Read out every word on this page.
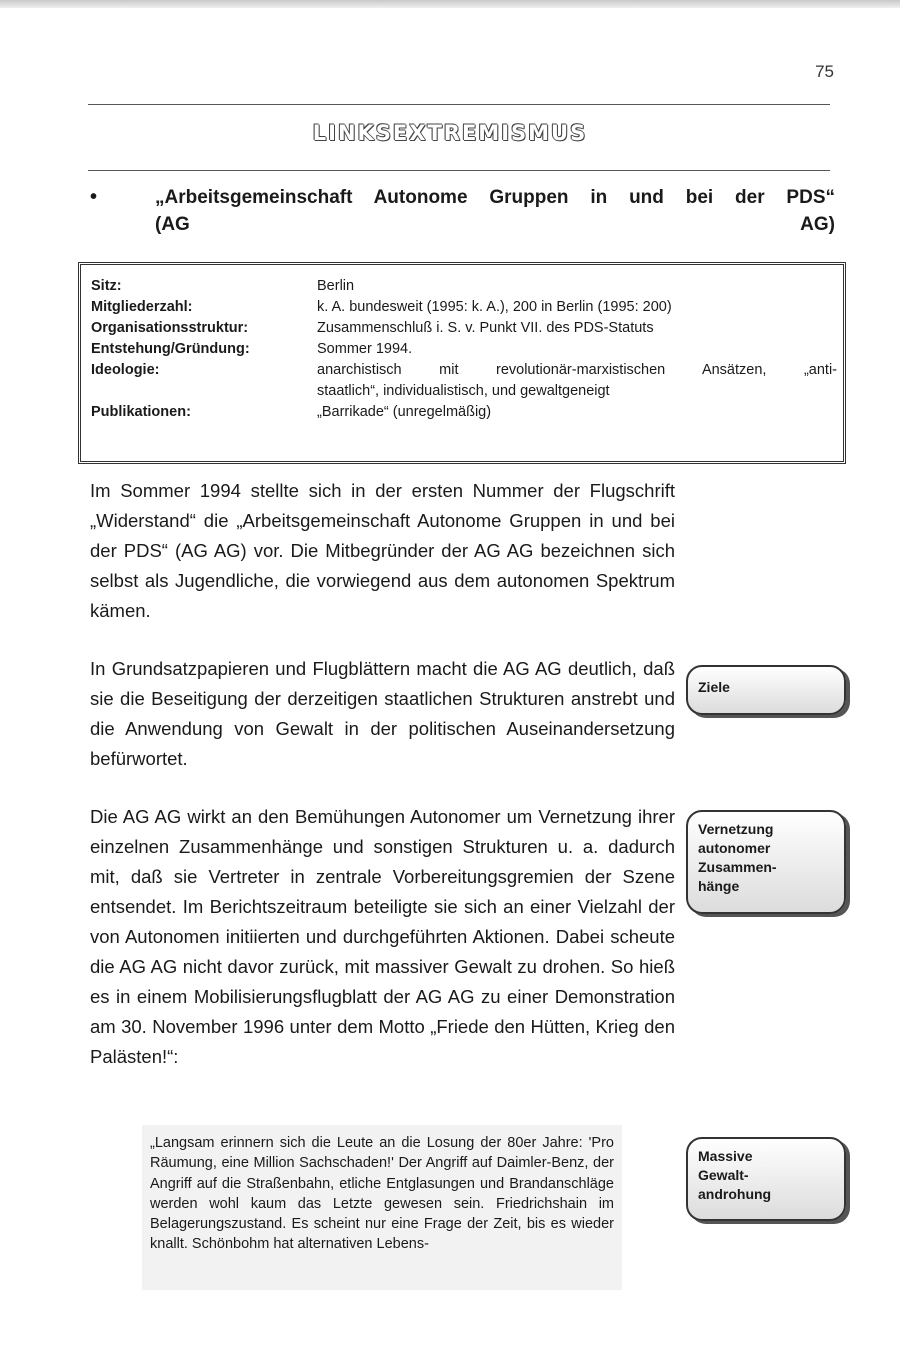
75
LINKSEXTREMISMUS
•	„Arbeitsgemeinschaft Autonome Gruppen in und bei der PDS“
(AG AG)
Sitz:	Berlin
Mitgliederzahl:	k. A. bundesweit (1995: k. A.), 200 in Berlin (1995: 200)
Organisationsstruktur:	Zusammenschluß i. S. v. Punkt VII. des PDS-Statuts
Entstehung/Gründung:	Sommer 1994.
Ideologie:	anarchistisch mit revolutionär-marxistischen Ansätzen, „anti-
staatlich“, individualistisch, und gewaltgeneigt
Publikationen:	„Barrikade“ (unregelmäßig)

Im Sommer 1994 stellte sich in der ersten Nummer der Flugschrift „Widerstand“ die „Arbeitsgemeinschaft Autonome Gruppen in und bei der PDS“ (AG AG) vor. Die Mitbegründer der AG AG bezeichnen sich selbst als Jugendliche, die vorwiegend aus dem autonomen Spektrum kämen.

In Grundsatzpapieren und Flugblättern macht die AG AG deutlich, daß sie die Beseitigung der derzeitigen staatlichen Strukturen anstrebt und die Anwendung von Gewalt in der politischen Auseinandersetzung befürwortet.

Die AG AG wirkt an den Bemühungen Autonomer um Vernetzung ihrer einzelnen Zusammenhänge und sonstigen Strukturen u. a. dadurch mit, daß sie Vertreter in zentrale Vorbereitungsgremien der Szene entsendet. Im Berichtszeitraum beteiligte sie sich an einer Vielzahl der von Autonomen initiierten und durchgeführten Aktionen. Dabei scheute die AG AG nicht davor zurück, mit massiver Gewalt zu drohen. So hieß es in einem Mobilisierungsflugblatt der AG AG zu einer Demonstration am 30. November 1996 unter dem Motto „Friede den Hütten, Krieg den Palästen!“:

Ziele
Vernetzung
autonomer
Zusammen-
hänge
Massive
Gewalt-
androhung

„Langsam erinnern sich die Leute an die Losung der 80er Jahre: 'Pro Räumung, eine Million Sachschaden!' Der Angriff auf Daimler-Benz, der Angriff auf die Straßenbahn, etliche Entglasungen und Brandanschläge werden wohl kaum das Letzte gewesen sein. Friedrichshain im Belagerungszustand. Es scheint nur eine Frage der Zeit, bis es wieder knallt. Schönbohm hat alternativen Lebens-
